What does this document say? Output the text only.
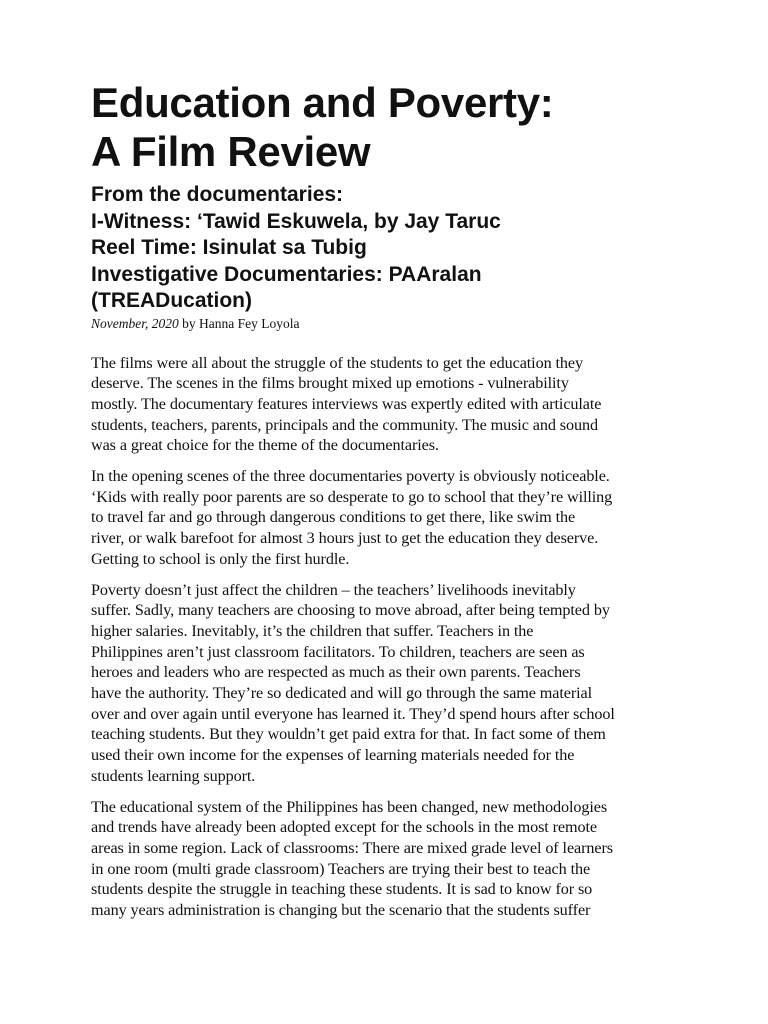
Education and Poverty:
A Film Review
From the documentaries:
I-Witness: ‘Tawid Eskuwela, by Jay Taruc
Reel Time: Isinulat sa Tubig
Investigative Documentaries: PAAralan
(TREADucation)

November, 2020 by Hanna Fey Loyola

The films were all about the struggle of the students to get the education they
deserve. The scenes in the films brought mixed up emotions - vulnerability
mostly. The documentary features interviews was expertly edited with articulate
students, teachers, parents, principals and the community. The music and sound
was a great choice for the theme of the documentaries.

In the opening scenes of the three documentaries poverty is obviously noticeable.
‘Kids with really poor parents are so desperate to go to school that they’re willing
to travel far and go through dangerous conditions to get there, like swim the
river, or walk barefoot for almost 3 hours just to get the education they deserve.
Getting to school is only the first hurdle.

Poverty doesn’t just affect the children – the teachers’ livelihoods inevitably
suffer. Sadly, many teachers are choosing to move abroad, after being tempted by
higher salaries. Inevitably, it’s the children that suffer. Teachers in the
Philippines aren’t just classroom facilitators. To children, teachers are seen as
heroes and leaders who are respected as much as their own parents. Teachers
have the authority. They’re so dedicated and will go through the same material
over and over again until everyone has learned it. They’d spend hours after school
teaching students. But they wouldn’t get paid extra for that. In fact some of them
used their own income for the expenses of learning materials needed for the
students learning support.

The educational system of the Philippines has been changed, new methodologies
and trends have already been adopted except for the schools in the most remote
areas in some region. Lack of classrooms: There are mixed grade level of learners
in one room (multi grade classroom) Teachers are trying their best to teach the
students despite the struggle in teaching these students. It is sad to know for so
many years administration is changing but the scenario that the students suffer
